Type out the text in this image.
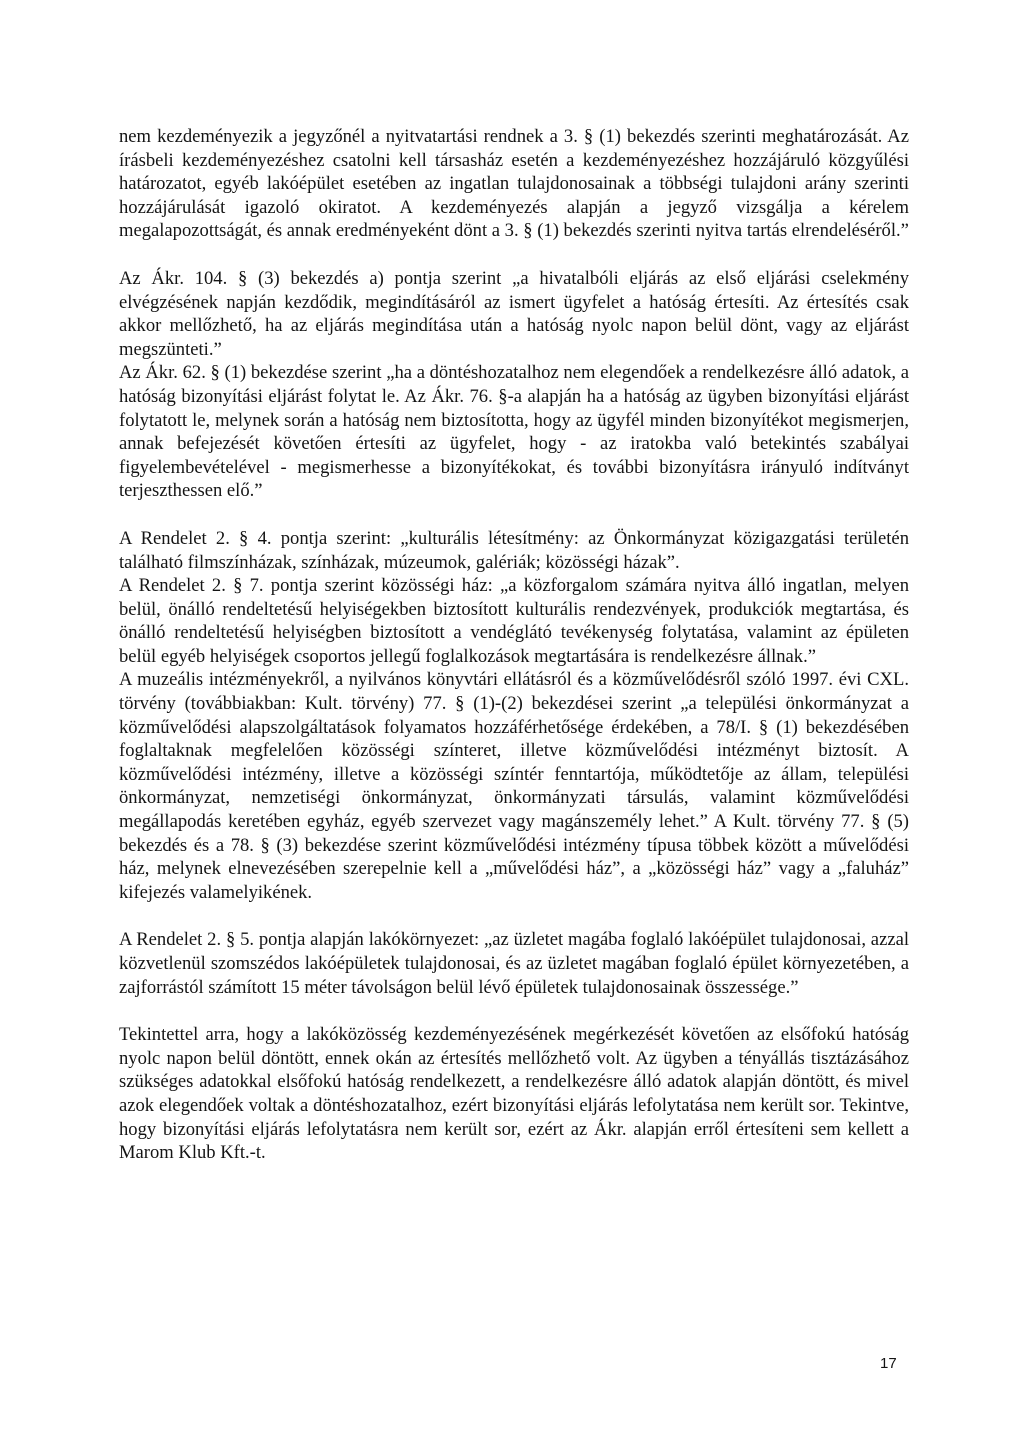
nem kezdeményezik a jegyzőnél a nyitvatartási rendnek a 3. § (1) bekezdés szerinti meghatározását. Az írásbeli kezdeményezéshez csatolni kell társasház esetén a kezdeményezéshez hozzájáruló közgyűlési határozatot, egyéb lakóépület esetében az ingatlan tulajdonosainak a többségi tulajdoni arány szerinti hozzájárulását igazoló okiratot. A kezdeményezés alapján a jegyző vizsgálja a kérelem megalapozottságát, és annak eredményeként dönt a 3. § (1) bekezdés szerinti nyitva tartás elrendeléséről.”

Az Ákr. 104. § (3) bekezdés a) pontja szerint „a hivatalbóli eljárás az első eljárási cselekmény elvégzésének napján kezdődik, megindításáról az ismert ügyfelet a hatóság értesíti. Az értesítés csak akkor mellőzhető, ha az eljárás megindítása után a hatóság nyolc napon belül dönt, vagy az eljárást megszünteti.”

Az Ákr. 62. § (1) bekezdése szerint „ha a döntéshozatalhoz nem elegendőek a rendelkezésre álló adatok, a hatóság bizonyítási eljárást folytat le. Az Ákr. 76. §-a alapján ha a hatóság az ügyben bizonyítási eljárást folytatott le, melynek során a hatóság nem biztosította, hogy az ügyfél minden bizonyítékot megismerjen, annak befejezését követően értesíti az ügyfelet, hogy - az iratokba való betekintés szabályai figyelembevételével - megismerhesse a bizonyítékokat, és további bizonyításra irányuló indítványt terjeszthessen elő.”

A Rendelet 2. § 4. pontja szerint: „kulturális létesítmény: az Önkormányzat közigazgatási területén található filmszínházak, színházak, múzeumok, galériák; közösségi házak”.

A Rendelet 2. § 7. pontja szerint közösségi ház: „a közforgalom számára nyitva álló ingatlan, melyen belül, önálló rendeltetésű helyiségekben biztosított kulturális rendezvények, produkciók megtartása, és önálló rendeltetésű helyiségben biztosított a vendéglátó tevékenység folytatása, valamint az épületen belül egyéb helyiségek csoportos jellegű foglalkozások megtartására is rendelkezésre állnak.”

A muzeális intézményekről, a nyilvános könyvtári ellátásról és a közművelődésről szóló 1997. évi CXL. törvény (továbbiakban: Kult. törvény) 77. § (1)-(2) bekezdései szerint „a települési önkormányzat a közművelődési alapszolgáltatások folyamatos hozzáférhetősége érdekében, a 78/I. § (1) bekezdésében foglaltaknak megfelelően közösségi színteret, illetve közművelődési intézményt biztosít. A közművelődési intézmény, illetve a közösségi színtér fenntartója, működtetője az állam, települési önkormányzat, nemzetiségi önkormányzat, önkormányzati társulás, valamint közművelődési megállapodás keretében egyház, egyéb szervezet vagy magánszemély lehet.” A Kult. törvény 77. § (5) bekezdés és a 78. § (3) bekezdése szerint közművelődési intézmény típusa többek között a művelődési ház, melynek elnevezésében szerepelnie kell a „művelődési ház”, a „közösségi ház” vagy a „faluház” kifejezés valamelyikének.

A Rendelet 2. § 5. pontja alapján lakókörnyezet: „az üzletet magába foglaló lakóépület tulajdonosai, azzal közvetlenül szomszédos lakóépületek tulajdonosai, és az üzletet magában foglaló épület környezetében, a zajforrástól számított 15 méter távolságon belül lévő épületek tulajdonosainak összessége.”

Tekintettel arra, hogy a lakóközösség kezdeményezésének megérkezését követően az elsőfokú hatóság nyolc napon belül döntött, ennek okán az értesítés mellőzhető volt. Az ügyben a tényállás tisztázásához szükséges adatokkal elsőfokú hatóság rendelkezett, a rendelkezésre álló adatok alapján döntött, és mivel azok elegendőek voltak a döntéshozatalhoz, ezért bizonyítási eljárás lefolytatása nem került sor. Tekintve, hogy bizonyítási eljárás lefolytatásra nem került sor, ezért az Ákr. alapján erről értesíteni sem kellett a Marom Klub Kft.-t.

17
